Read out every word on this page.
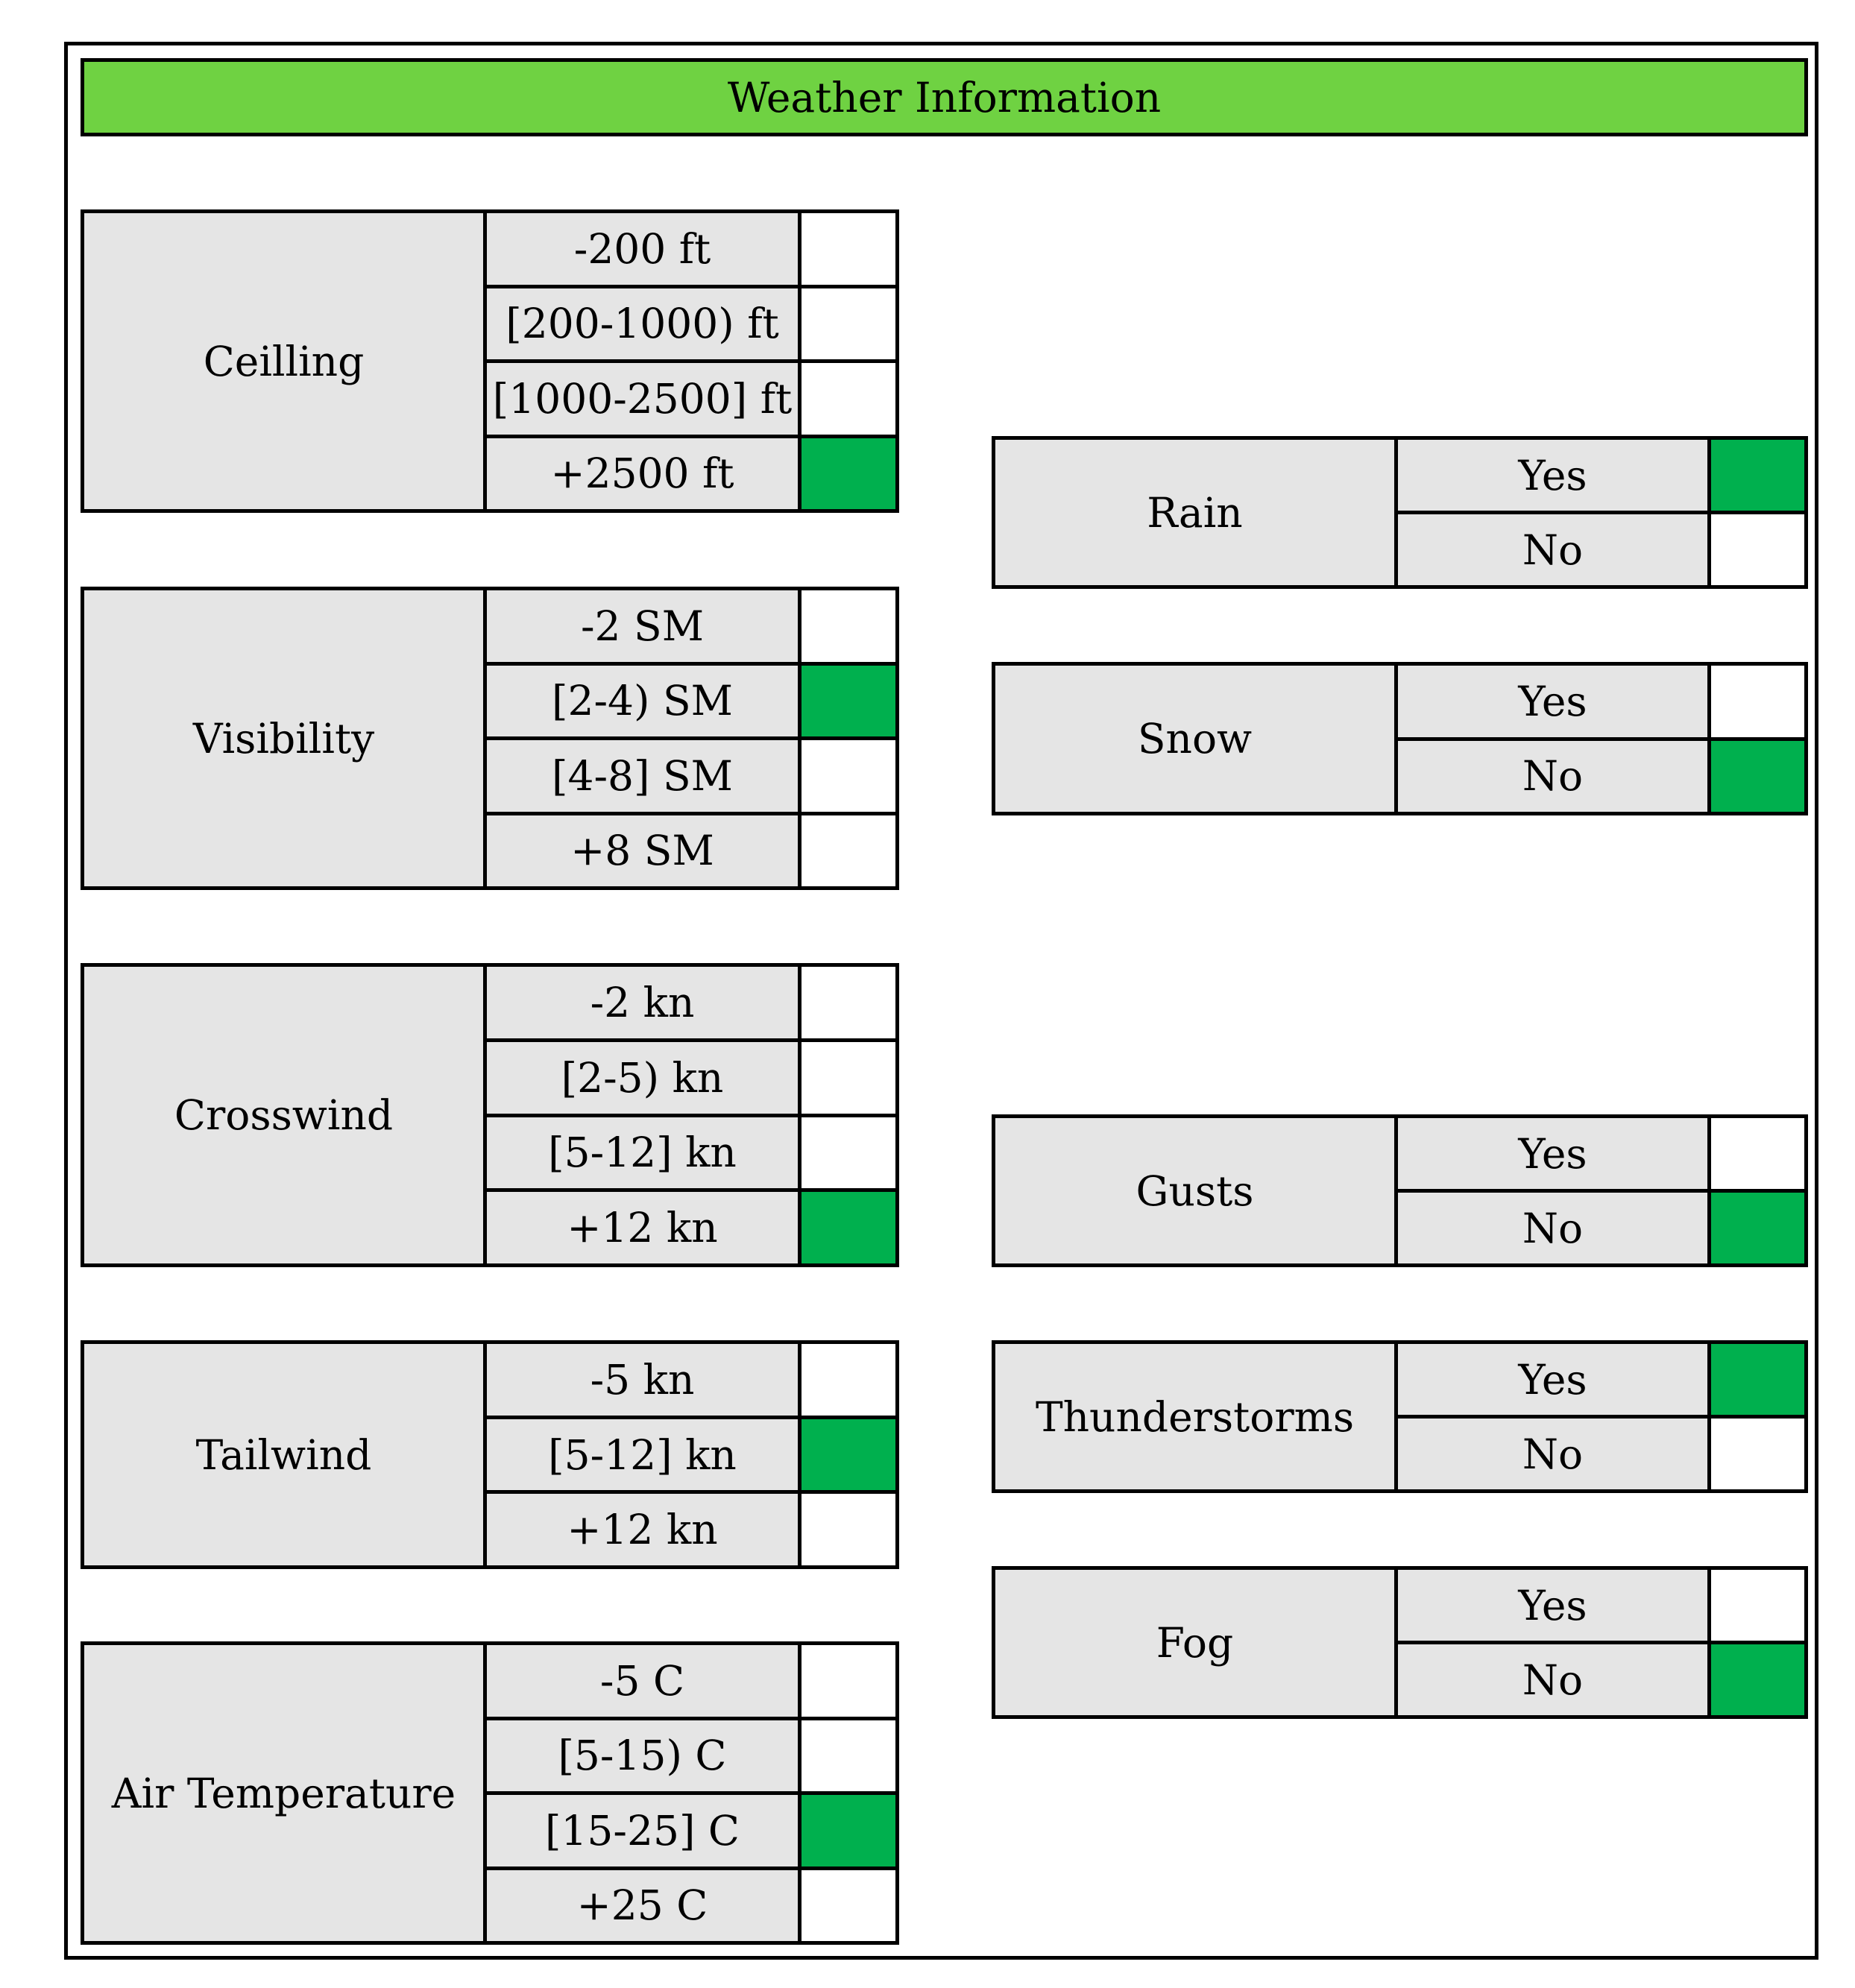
Weather Information
Ceilling
-200 ft
[200-1000) ft
[1000-2500] ft
+2500 ft
Visibility
-2 SM
[2-4) SM
[4-8] SM
+8 SM
Crosswind
-2 kn
[2-5) kn
[5-12] kn
+12 kn
Tailwind
-5 kn
[5-12] kn
+12 kn
Air Temperature
-5 C
[5-15) C
[15-25] C
+25 C
Rain
Yes
No
Snow
Yes
No
Gusts
Yes
No
Thunderstorms
Yes
No
Fog
Yes
No
